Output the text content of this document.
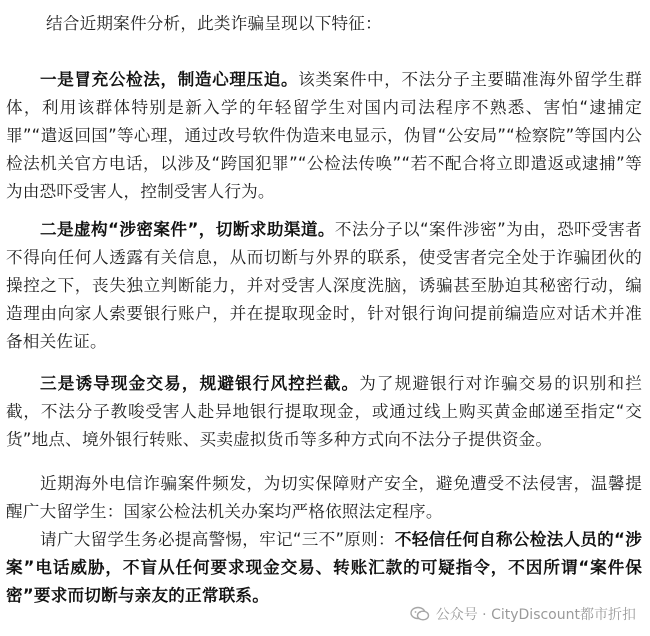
结合近期案件分析，此类诈骗呈现以下特征：

一是冒充公检法，制造心理压迫。该类案件中，不法分子主要瞄准海外留学生群体，利用该群体特别是新入学的年轻留学生对国内司法程序不熟悉、害怕“逮捕定罪”“遣返回国”等心理，通过改号软件伪造来电显示，伪冒“公安局”“检察院”等国内公检法机关官方电话，以涉及“跨国犯罪”“公检法传唤”“若不配合将立即遣返或逮捕”等为由恐吓受害人，控制受害人行为。

二是虚构“涉密案件”，切断求助渠道。不法分子以“案件涉密”为由，恐吓受害者不得向任何人透露有关信息，从而切断与外界的联系，使受害者完全处于诈骗团伙的操控之下，丧失独立判断能力，并对受害人深度洗脑，诱骗甚至胁迫其秘密行动，编造理由向家人索要银行账户，并在提取现金时，针对银行询问提前编造应对话术并准备相关佐证。

三是诱导现金交易，规避银行风控拦截。为了规避银行对诈骗交易的识别和拦截，不法分子教唆受害人赴异地银行提取现金，或通过线上购买黄金邮递至指定“交货”地点、境外银行转账、买卖虚拟货币等多种方式向不法分子提供资金。

近期海外电信诈骗案件频发，为切实保障财产安全，避免遭受不法侵害，温馨提醒广大留学生：国家公检法机关办案均严格依照法定程序。

请广大留学生务必提高警惕，牢记“三不”原则：不轻信任何自称公检法人员的“涉案”电话威胁，不盲从任何要求现金交易、转账汇款的可疑指令，不因所谓“案件保密”要求而切断与亲友的正常联系。

公众号 · CityDiscount都市折扣
